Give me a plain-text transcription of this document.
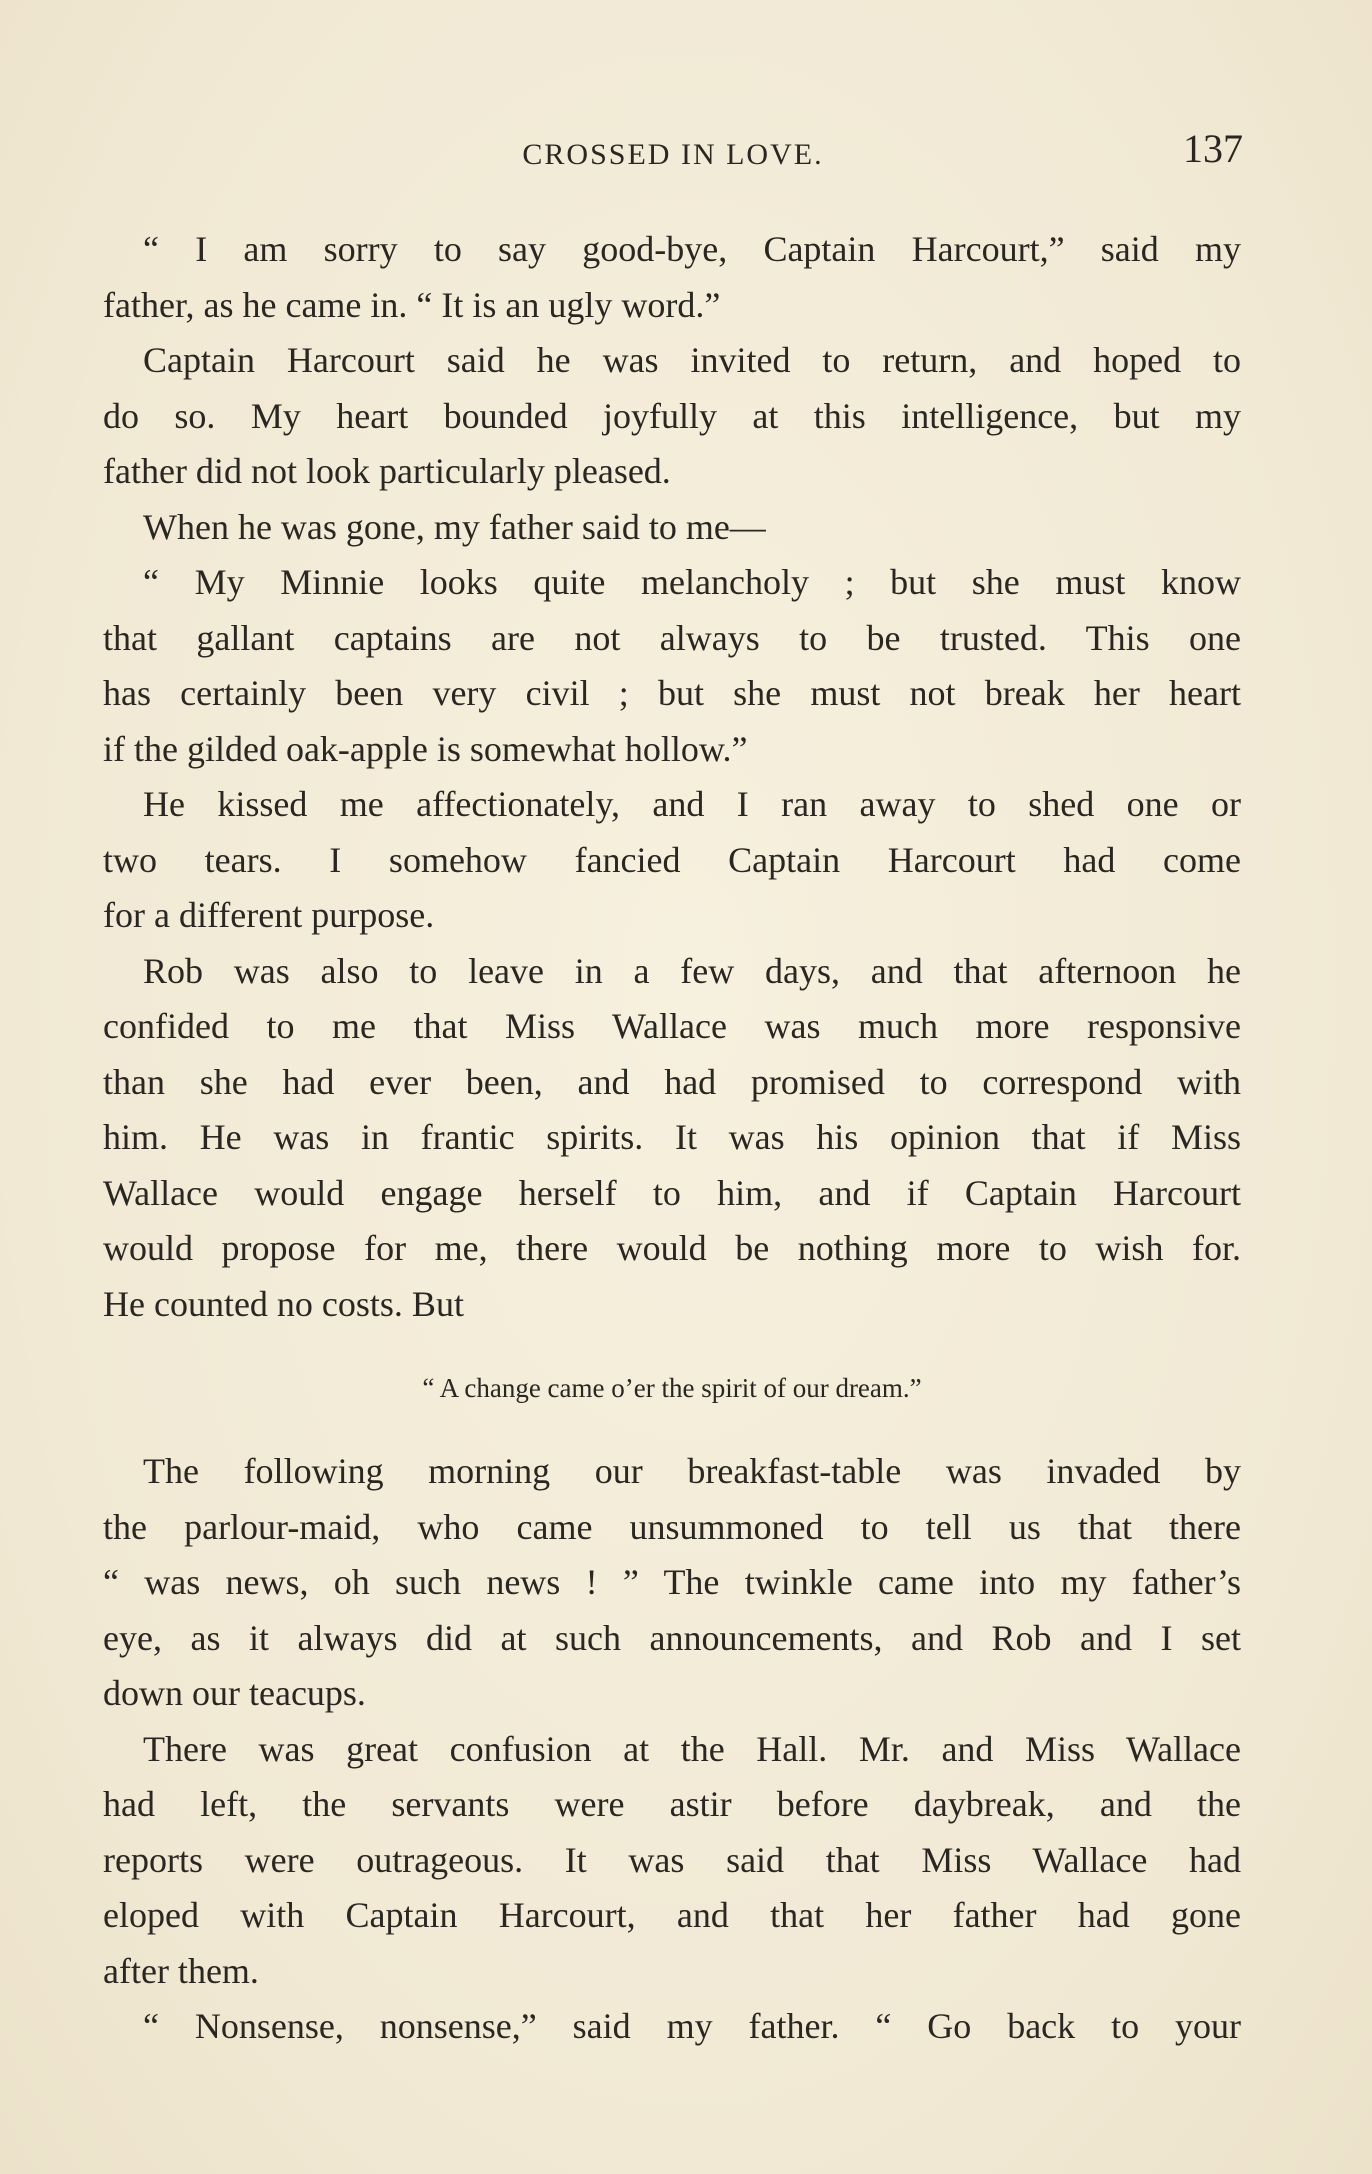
CROSSED IN LOVE.	137
“ I am sorry to say good-bye, Captain Harcourt,” said my
father, as he came in. “ It is an ugly word.”
Captain Harcourt said he was invited to return, and hoped to
do so. My heart bounded joyfully at this intelligence, but my
father did not look particularly pleased.
When he was gone, my father said to me—
“ My Minnie looks quite melancholy ; but she must know
that gallant captains are not always to be trusted. This one
has certainly been very civil ; but she must not break her heart
if the gilded oak-apple is somewhat hollow.”
He kissed me affectionately, and I ran away to shed one or
two tears. I somehow fancied Captain Harcourt had come
for a different purpose.
Rob was also to leave in a few days, and that afternoon he
confided to me that Miss Wallace was much more responsive
than she had ever been, and had promised to correspond with
him. He was in frantic spirits. It was his opinion that if Miss
Wallace would engage herself to him, and if Captain Harcourt
would propose for me, there would be nothing more to wish for.
He counted no costs. But
“ A change came o’er the spirit of our dream.”
The following morning our breakfast-table was invaded by
the parlour-maid, who came unsummoned to tell us that there
“ was news, oh such news ! ” The twinkle came into my father’s
eye, as it always did at such announcements, and Rob and I set
down our teacups.
There was great confusion at the Hall. Mr. and Miss Wallace
had left, the servants were astir before daybreak, and the
reports were outrageous. It was said that Miss Wallace had
eloped with Captain Harcourt, and that her father had gone
after them.
“ Nonsense, nonsense,” said my father. “ Go back to your
